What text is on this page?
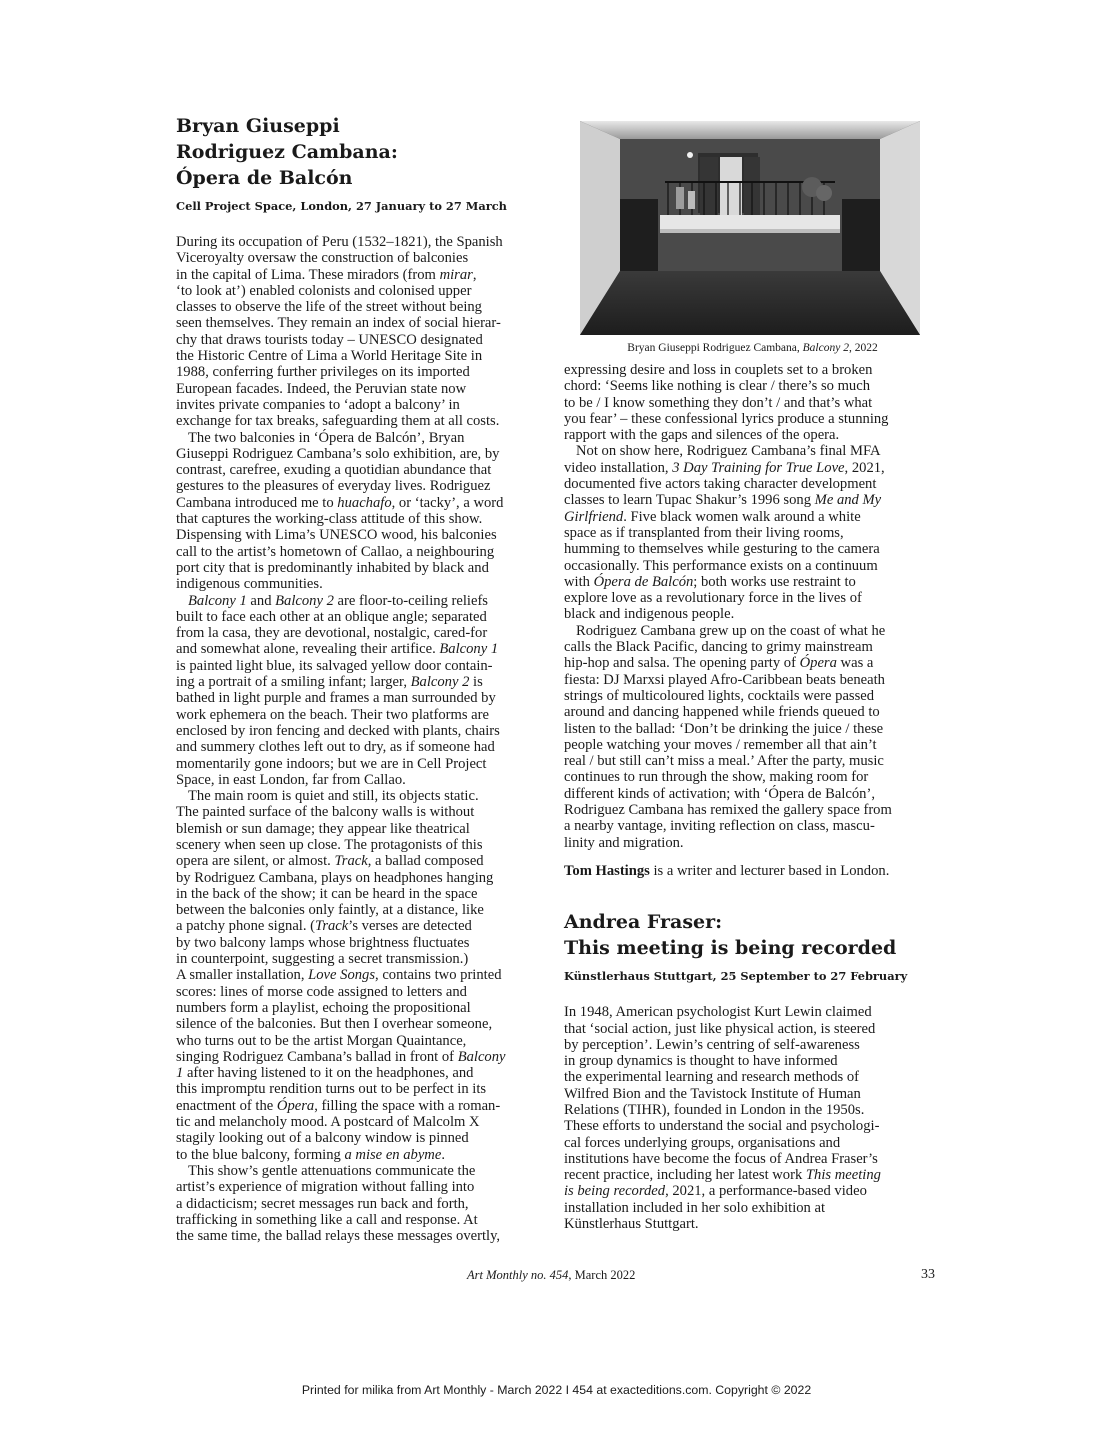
Bryan Giuseppi
Rodriguez Cambana:
Ópera de Balcón

Cell Project Space, London, 27 January to 27 March

During its occupation of Peru (1532–1821), the Spanish
Viceroyalty oversaw the construction of balconies
in the capital of Lima. These miradors (from mirar,
‘to look at’) enabled colonists and colonised upper
classes to observe the life of the street without being
seen themselves. They remain an index of social hierar-
chy that draws tourists today – UNESCO designated
the Historic Centre of Lima a World Heritage Site in
1988, conferring further privileges on its imported
European facades. Indeed, the Peruvian state now
invites private companies to ‘adopt a balcony’ in
exchange for tax breaks, safeguarding them at all costs.

The two balconies in ‘Ópera de Balcón’, Bryan
Giuseppi Rodriguez Cambana’s solo exhibition, are, by
contrast, carefree, exuding a quotidian abundance that
gestures to the pleasures of everyday lives. Rodriguez
Cambana introduced me to huachafo, or ‘tacky’, a word
that captures the working-class attitude of this show.
Dispensing with Lima’s UNESCO wood, his balconies
call to the artist’s hometown of Callao, a neighbouring
port city that is predominantly inhabited by black and
indigenous communities.

Balcony 1 and Balcony 2 are floor-to-ceiling reliefs
built to face each other at an oblique angle; separated
from la casa, they are devotional, nostalgic, cared-for
and somewhat alone, revealing their artifice. Balcony 1
is painted light blue, its salvaged yellow door contain-
ing a portrait of a smiling infant; larger, Balcony 2 is
bathed in light purple and frames a man surrounded by
work ephemera on the beach. Their two platforms are
enclosed by iron fencing and decked with plants, chairs
and summery clothes left out to dry, as if someone had
momentarily gone indoors; but we are in Cell Project
Space, in east London, far from Callao.

The main room is quiet and still, its objects static.
The painted surface of the balcony walls is without
blemish or sun damage; they appear like theatrical
scenery when seen up close. The protagonists of this
opera are silent, or almost. Track, a ballad composed
by Rodriguez Cambana, plays on headphones hanging
in the back of the show; it can be heard in the space
between the balconies only faintly, at a distance, like
a patchy phone signal. (Track’s verses are detected
by two balcony lamps whose brightness fluctuates
in counterpoint, suggesting a secret transmission.)
A smaller installation, Love Songs, contains two printed
scores: lines of morse code assigned to letters and
numbers form a playlist, echoing the propositional
silence of the balconies. But then I overhear someone,
who turns out to be the artist Morgan Quaintance,
singing Rodriguez Cambana’s ballad in front of Balcony
1 after having listened to it on the headphones, and
this impromptu rendition turns out to be perfect in its
enactment of the Ópera, filling the space with a roman-
tic and melancholy mood. A postcard of Malcolm X
stagily looking out of a balcony window is pinned
to the blue balcony, forming a mise en abyme.

This show’s gentle attenuations communicate the
artist’s experience of migration without falling into
a didacticism; secret messages run back and forth,
trafficking in something like a call and response. At
the same time, the ballad relays these messages overtly,

Bryan Giuseppi Rodriguez Cambana, Balcony 2, 2022

expressing desire and loss in couplets set to a broken
chord: ‘Seems like nothing is clear / there’s so much
to be / I know something they don’t / and that’s what
you fear’ – these confessional lyrics produce a stunning
rapport with the gaps and silences of the opera.

Not on show here, Rodriguez Cambana’s final MFA
video installation, 3 Day Training for True Love, 2021,
documented five actors taking character development
classes to learn Tupac Shakur’s 1996 song Me and My
Girlfriend. Five black women walk around a white
space as if transplanted from their living rooms,
humming to themselves while gesturing to the camera
occasionally. This performance exists on a continuum
with Ópera de Balcón; both works use restraint to
explore love as a revolutionary force in the lives of
black and indigenous people.

Rodriguez Cambana grew up on the coast of what he
calls the Black Pacific, dancing to grimy mainstream
hip-hop and salsa. The opening party of Ópera was a
fiesta: DJ Marxsi played Afro-Caribbean beats beneath
strings of multicoloured lights, cocktails were passed
around and dancing happened while friends queued to
listen to the ballad: ‘Don’t be drinking the juice / these
people watching your moves / remember all that ain’t
real / but still can’t miss a meal.’ After the party, music
continues to run through the show, making room for
different kinds of activation; with ‘Ópera de Balcón’,
Rodriguez Cambana has remixed the gallery space from
a nearby vantage, inviting reflection on class, mascu-
linity and migration.

Tom Hastings is a writer and lecturer based in London.

Andrea Fraser:
This meeting is being recorded

Künstlerhaus Stuttgart, 25 September to 27 February

In 1948, American psychologist Kurt Lewin claimed
that ‘social action, just like physical action, is steered
by perception’. Lewin’s centring of self-awareness
in group dynamics is thought to have informed
the experimental learning and research methods of
Wilfred Bion and the Tavistock Institute of Human
Relations (TIHR), founded in London in the 1950s.
These efforts to understand the social and psychologi-
cal forces underlying groups, organisations and
institutions have become the focus of Andrea Fraser’s
recent practice, including her latest work This meeting
is being recorded, 2021, a performance-based video
installation included in her solo exhibition at
Künstlerhaus Stuttgart.

Art Monthly no. 454, March 2022	33
Printed for milika from Art Monthly - March 2022 I 454 at exacteditions.com. Copyright © 2022
